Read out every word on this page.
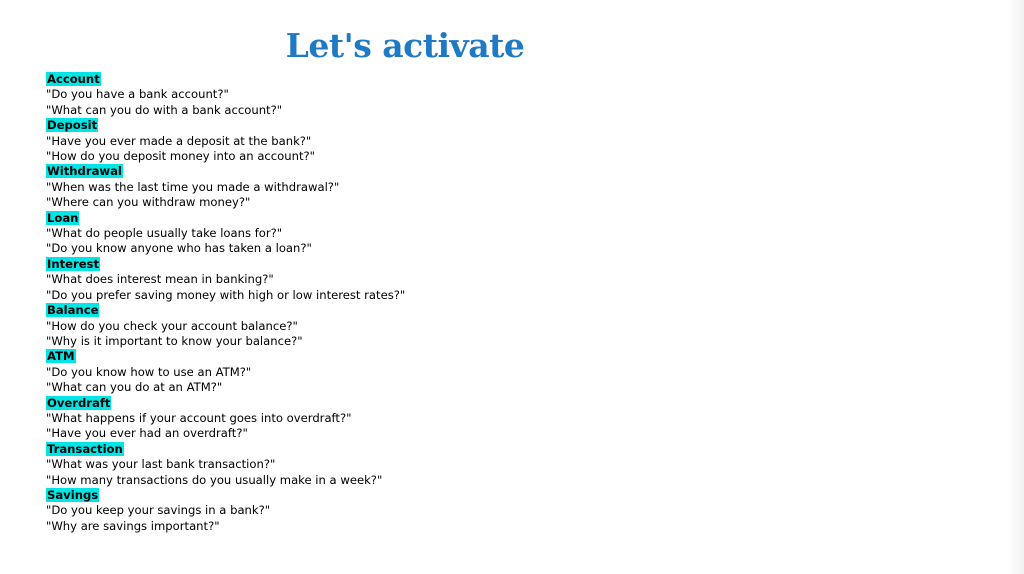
Let's activate
Account
"Do you have a bank account?"
"What can you do with a bank account?"
Deposit
"Have you ever made a deposit at the bank?"
"How do you deposit money into an account?"
Withdrawal
"When was the last time you made a withdrawal?"
"Where can you withdraw money?"
Loan
"What do people usually take loans for?"
"Do you know anyone who has taken a loan?"
Interest
"What does interest mean in banking?"
"Do you prefer saving money with high or low interest rates?"
Balance
"How do you check your account balance?"
"Why is it important to know your balance?"
ATM
"Do you know how to use an ATM?"
"What can you do at an ATM?"
Overdraft
"What happens if your account goes into overdraft?"
"Have you ever had an overdraft?"
Transaction
"What was your last bank transaction?"
"How many transactions do you usually make in a week?"
Savings
"Do you keep your savings in a bank?"
"Why are savings important?"
